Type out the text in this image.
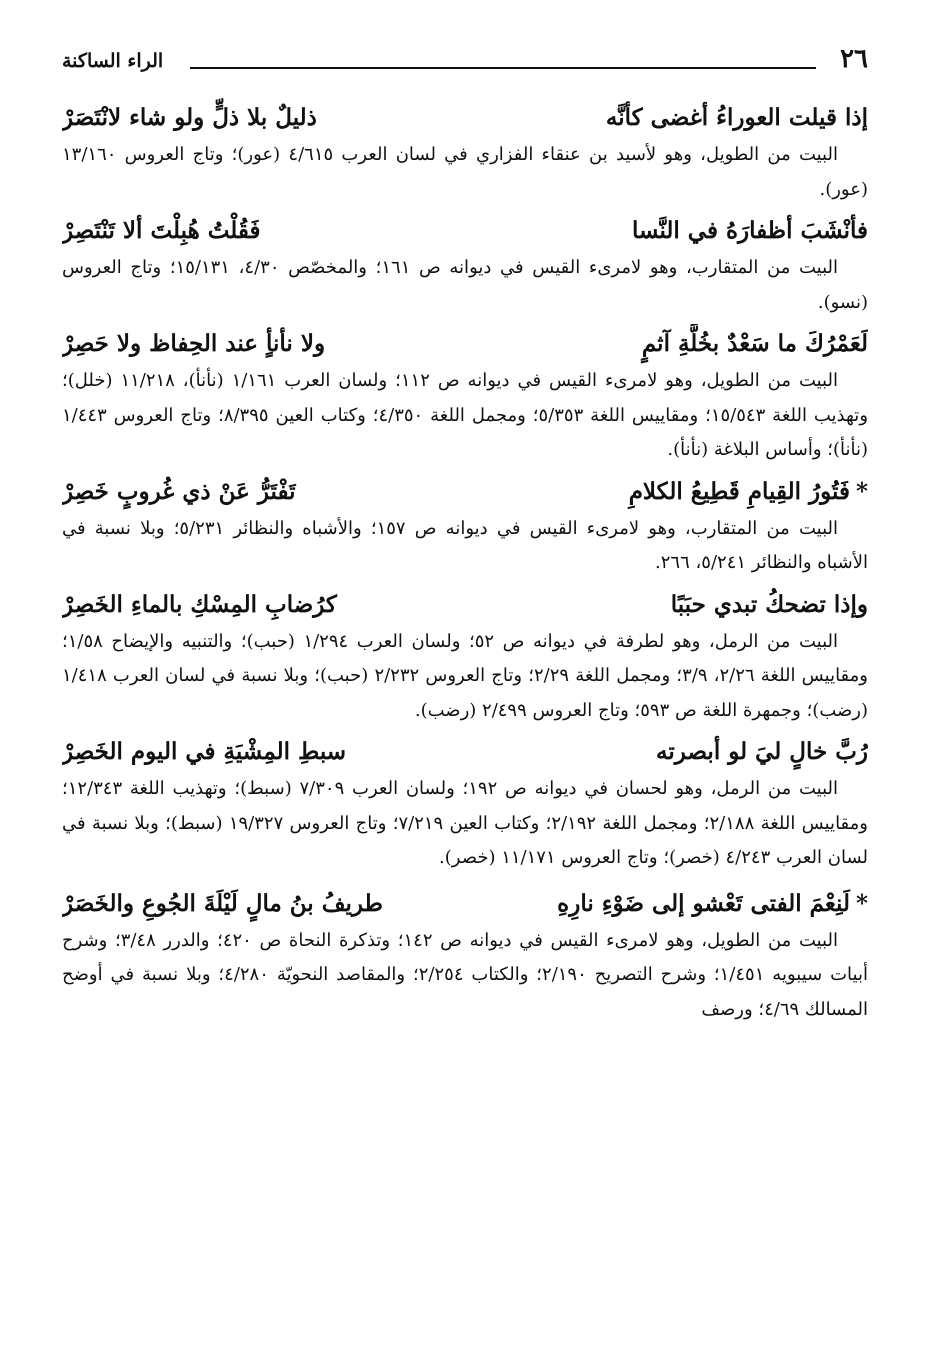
٢٦
الراء الساكنة
إذا قيلت العوراءُ أغضى كأنَّه
ذليلٌ بلا ذلٍّ ولو شاء لانْتَصَرْ

البيت من الطويل، وهو لأسيد بن عنقاء الفزاري في لسان العرب ٤/٦١٥ (عور)؛ وتاج العروس ١٣/١٦٠ (عور).

فأنْشَبَ أظفارَهُ في النَّسا
فَقُلْتُ هُبِلْتَ ألا تَنْتَصِرْ

البيت من المتقارب، وهو لامرىء القيس في ديوانه ص ١٦١؛ والمخصّص ٤/٣٠، ١٥/١٣١؛ وتاج العروس (نسو).

لَعَمْرُكَ ما سَعْدٌ بخُلَّةِ آثمٍ
ولا نأنأٍ عند الحِفاظ ولا حَصِرْ

البيت من الطويل، وهو لامرىء القيس في ديوانه ص ١١٢؛ ولسان العرب ١/١٦١ (نأنأ)، ١١/٢١٨ (خلل)؛ وتهذيب اللغة ١٥/٥٤٣؛ ومقاييس اللغة ٥/٣٥٣؛ ومجمل اللغة ٤/٣٥٠؛ وكتاب العين ٨/٣٩٥؛ وتاج العروس ١/٤٤٣ (نأنأ)؛ وأساس البلاغة (نأنأ).

*فَتُورُ القِيامِ قَطِيعُ الكلامِ
تَفْتَرُّ عَنْ ذي غُروبٍ خَصِرْ

البيت من المتقارب، وهو لامرىء القيس في ديوانه ص ١٥٧؛ والأشباه والنظائر ٥/٢٣١؛ وبلا نسبة في الأشباه والنظائر ٥/٢٤١، ٢٦٦.

وإذا تضحكُ تبدي حبَبًا
كرُضابِ المِسْكِ بالماءِ الخَصِرْ

البيت من الرمل، وهو لطرفة في ديوانه ص ٥٢؛ ولسان العرب ١/٢٩٤ (حبب)؛ والتنبيه والإيضاح ١/٥٨؛ ومقاييس اللغة ٢/٢٦، ٣/٩؛ ومجمل اللغة ٢/٢٩؛ وتاج العروس ٢/٢٣٢ (حبب)؛ وبلا نسبة في لسان العرب ١/٤١٨ (رضب)؛ وجمهرة اللغة ص ٥٩٣؛ وتاج العروس ٢/٤٩٩ (رضب).

رُبَّ خالٍ ليَ لو أبصرته
سبطِ المِشْيَةِ في اليوم الخَصِرْ

البيت من الرمل، وهو لحسان في ديوانه ص ١٩٢؛ ولسان العرب ٧/٣٠٩ (سبط)؛ وتهذيب اللغة ١٢/٣٤٣؛ ومقاييس اللغة ٢/١٨٨؛ ومجمل اللغة ٢/١٩٢؛ وكتاب العين ٧/٢١٩؛ وتاج العروس ١٩/٣٢٧ (سبط)؛ وبلا نسبة في لسان العرب ٤/٢٤٣ (خصر)؛ وتاج العروس ١١/١٧١ (خصر).

*لَنِعْمَ الفتى تَعْشو إلى ضَوْءِ نارِهِ
طريفُ بنُ مالٍ لَيْلَةَ الجُوعِ والخَصَرْ

البيت من الطويل، وهو لامرىء القيس في ديوانه ص ١٤٢؛ وتذكرة النحاة ص ٤٢٠؛ والدرر ٣/٤٨؛ وشرح أبيات سيبويه ١/٤٥١؛ وشرح التصريح ٢/١٩٠؛ والكتاب ٢/٢٥٤؛ والمقاصد النحويّة ٤/٢٨٠؛ وبلا نسبة في أوضح المسالك ٤/٦٩؛ ورصف
